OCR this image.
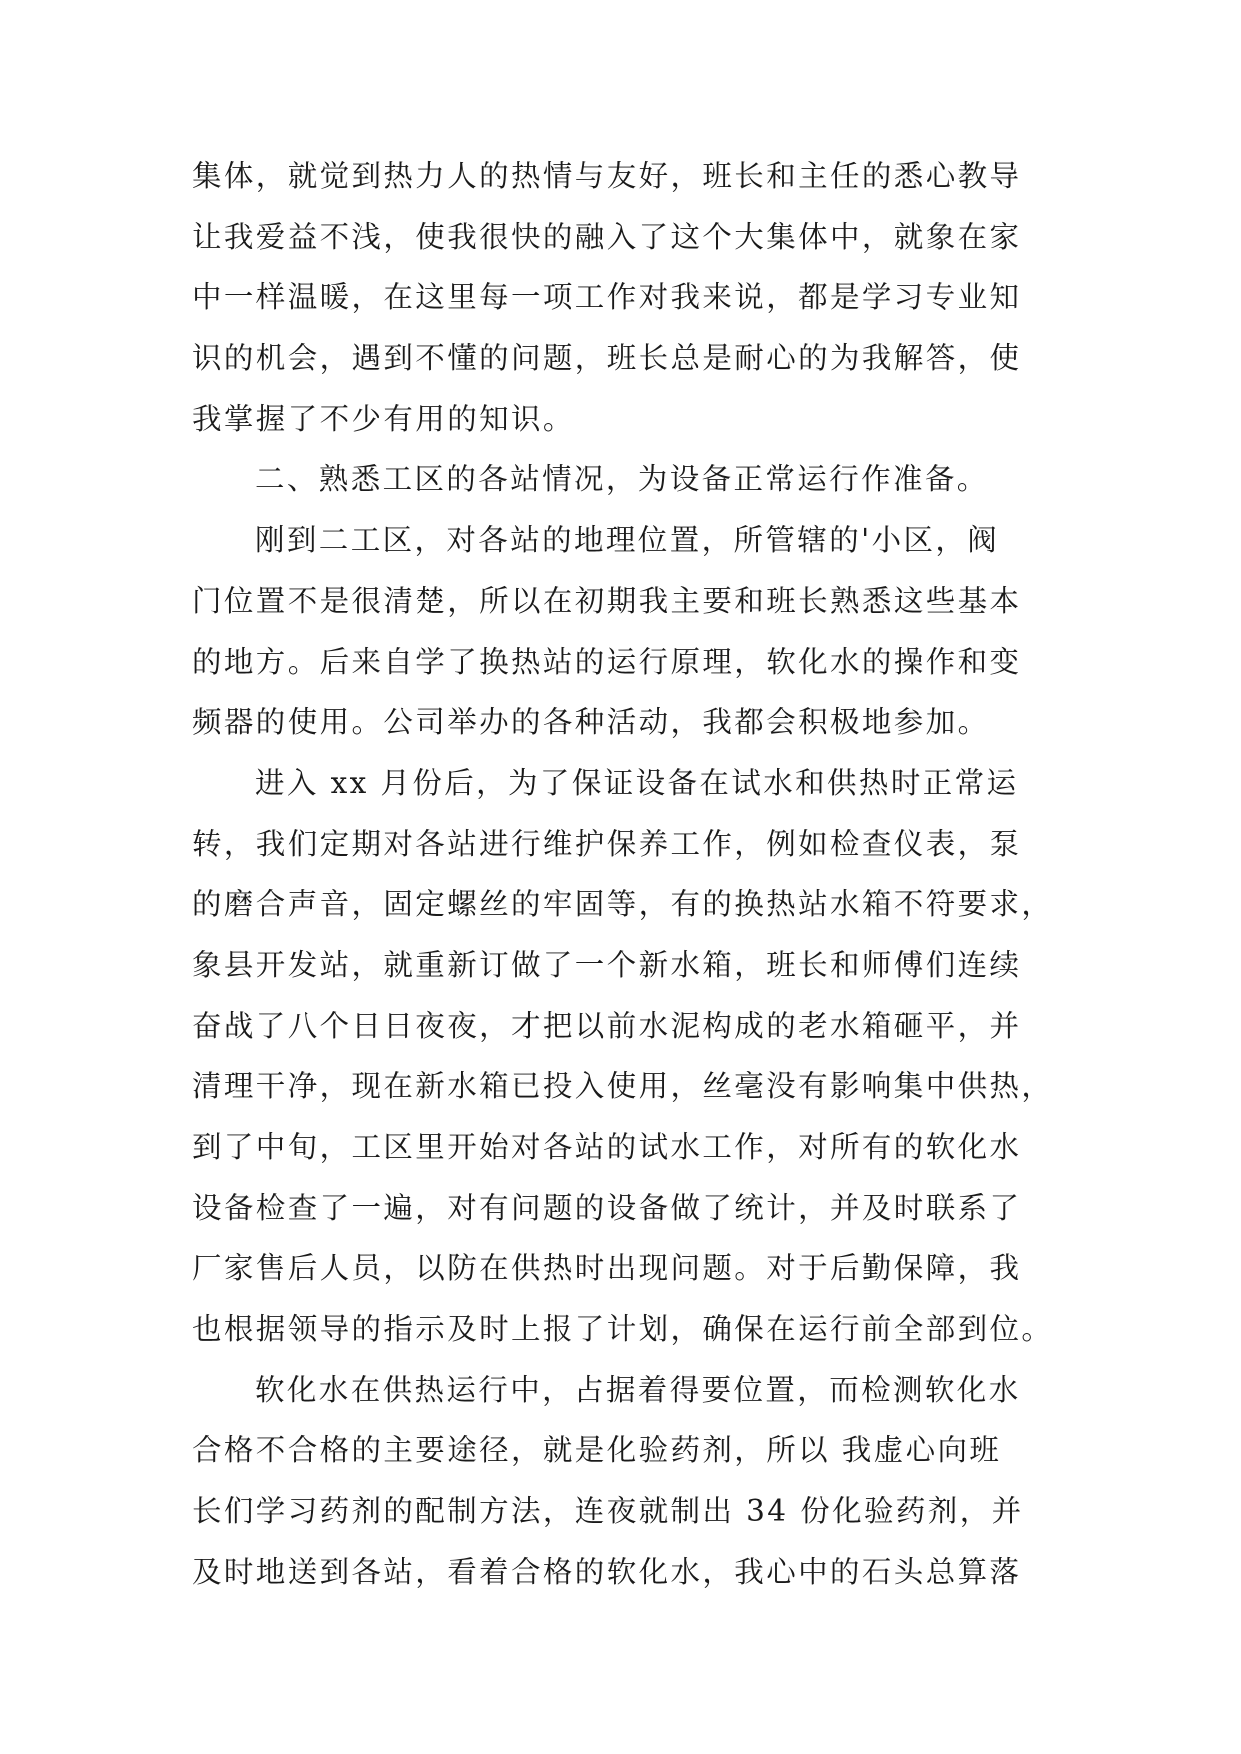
集体，就觉到热力人的热情与友好，班长和主任的悉心教导
让我爱益不浅，使我很快的融入了这个大集体中，就象在家
中一样温暖，在这里每一项工作对我来说，都是学习专业知
识的机会，遇到不懂的问题，班长总是耐心的为我解答，使
我掌握了不少有用的知识。
二、熟悉工区的各站情况，为设备正常运行作准备。
刚到二工区，对各站的地理位置，所管辖的'小区，阀
门位置不是很清楚，所以在初期我主要和班长熟悉这些基本
的地方。后来自学了换热站的运行原理，软化水的操作和变
频器的使用。公司举办的各种活动，我都会积极地参加。
进入 xx 月份后，为了保证设备在试水和供热时正常运
转，我们定期对各站进行维护保养工作，例如检查仪表，泵
的磨合声音，固定螺丝的牢固等，有的换热站水箱不符要求，
象县开发站，就重新订做了一个新水箱，班长和师傅们连续
奋战了八个日日夜夜，才把以前水泥构成的老水箱砸平，并
清理干净，现在新水箱已投入使用，丝毫没有影响集中供热，
到了中旬，工区里开始对各站的试水工作，对所有的软化水
设备检查了一遍，对有问题的设备做了统计，并及时联系了
厂家售后人员，以防在供热时出现问题。对于后勤保障，我
也根据领导的指示及时上报了计划，确保在运行前全部到位。
软化水在供热运行中，占据着得要位置，而检测软化水
合格不合格的主要途径，就是化验药剂，所以 我虚心向班
长们学习药剂的配制方法，连夜就制出 34 份化验药剂，并
及时地送到各站，看着合格的软化水，我心中的石头总算落
